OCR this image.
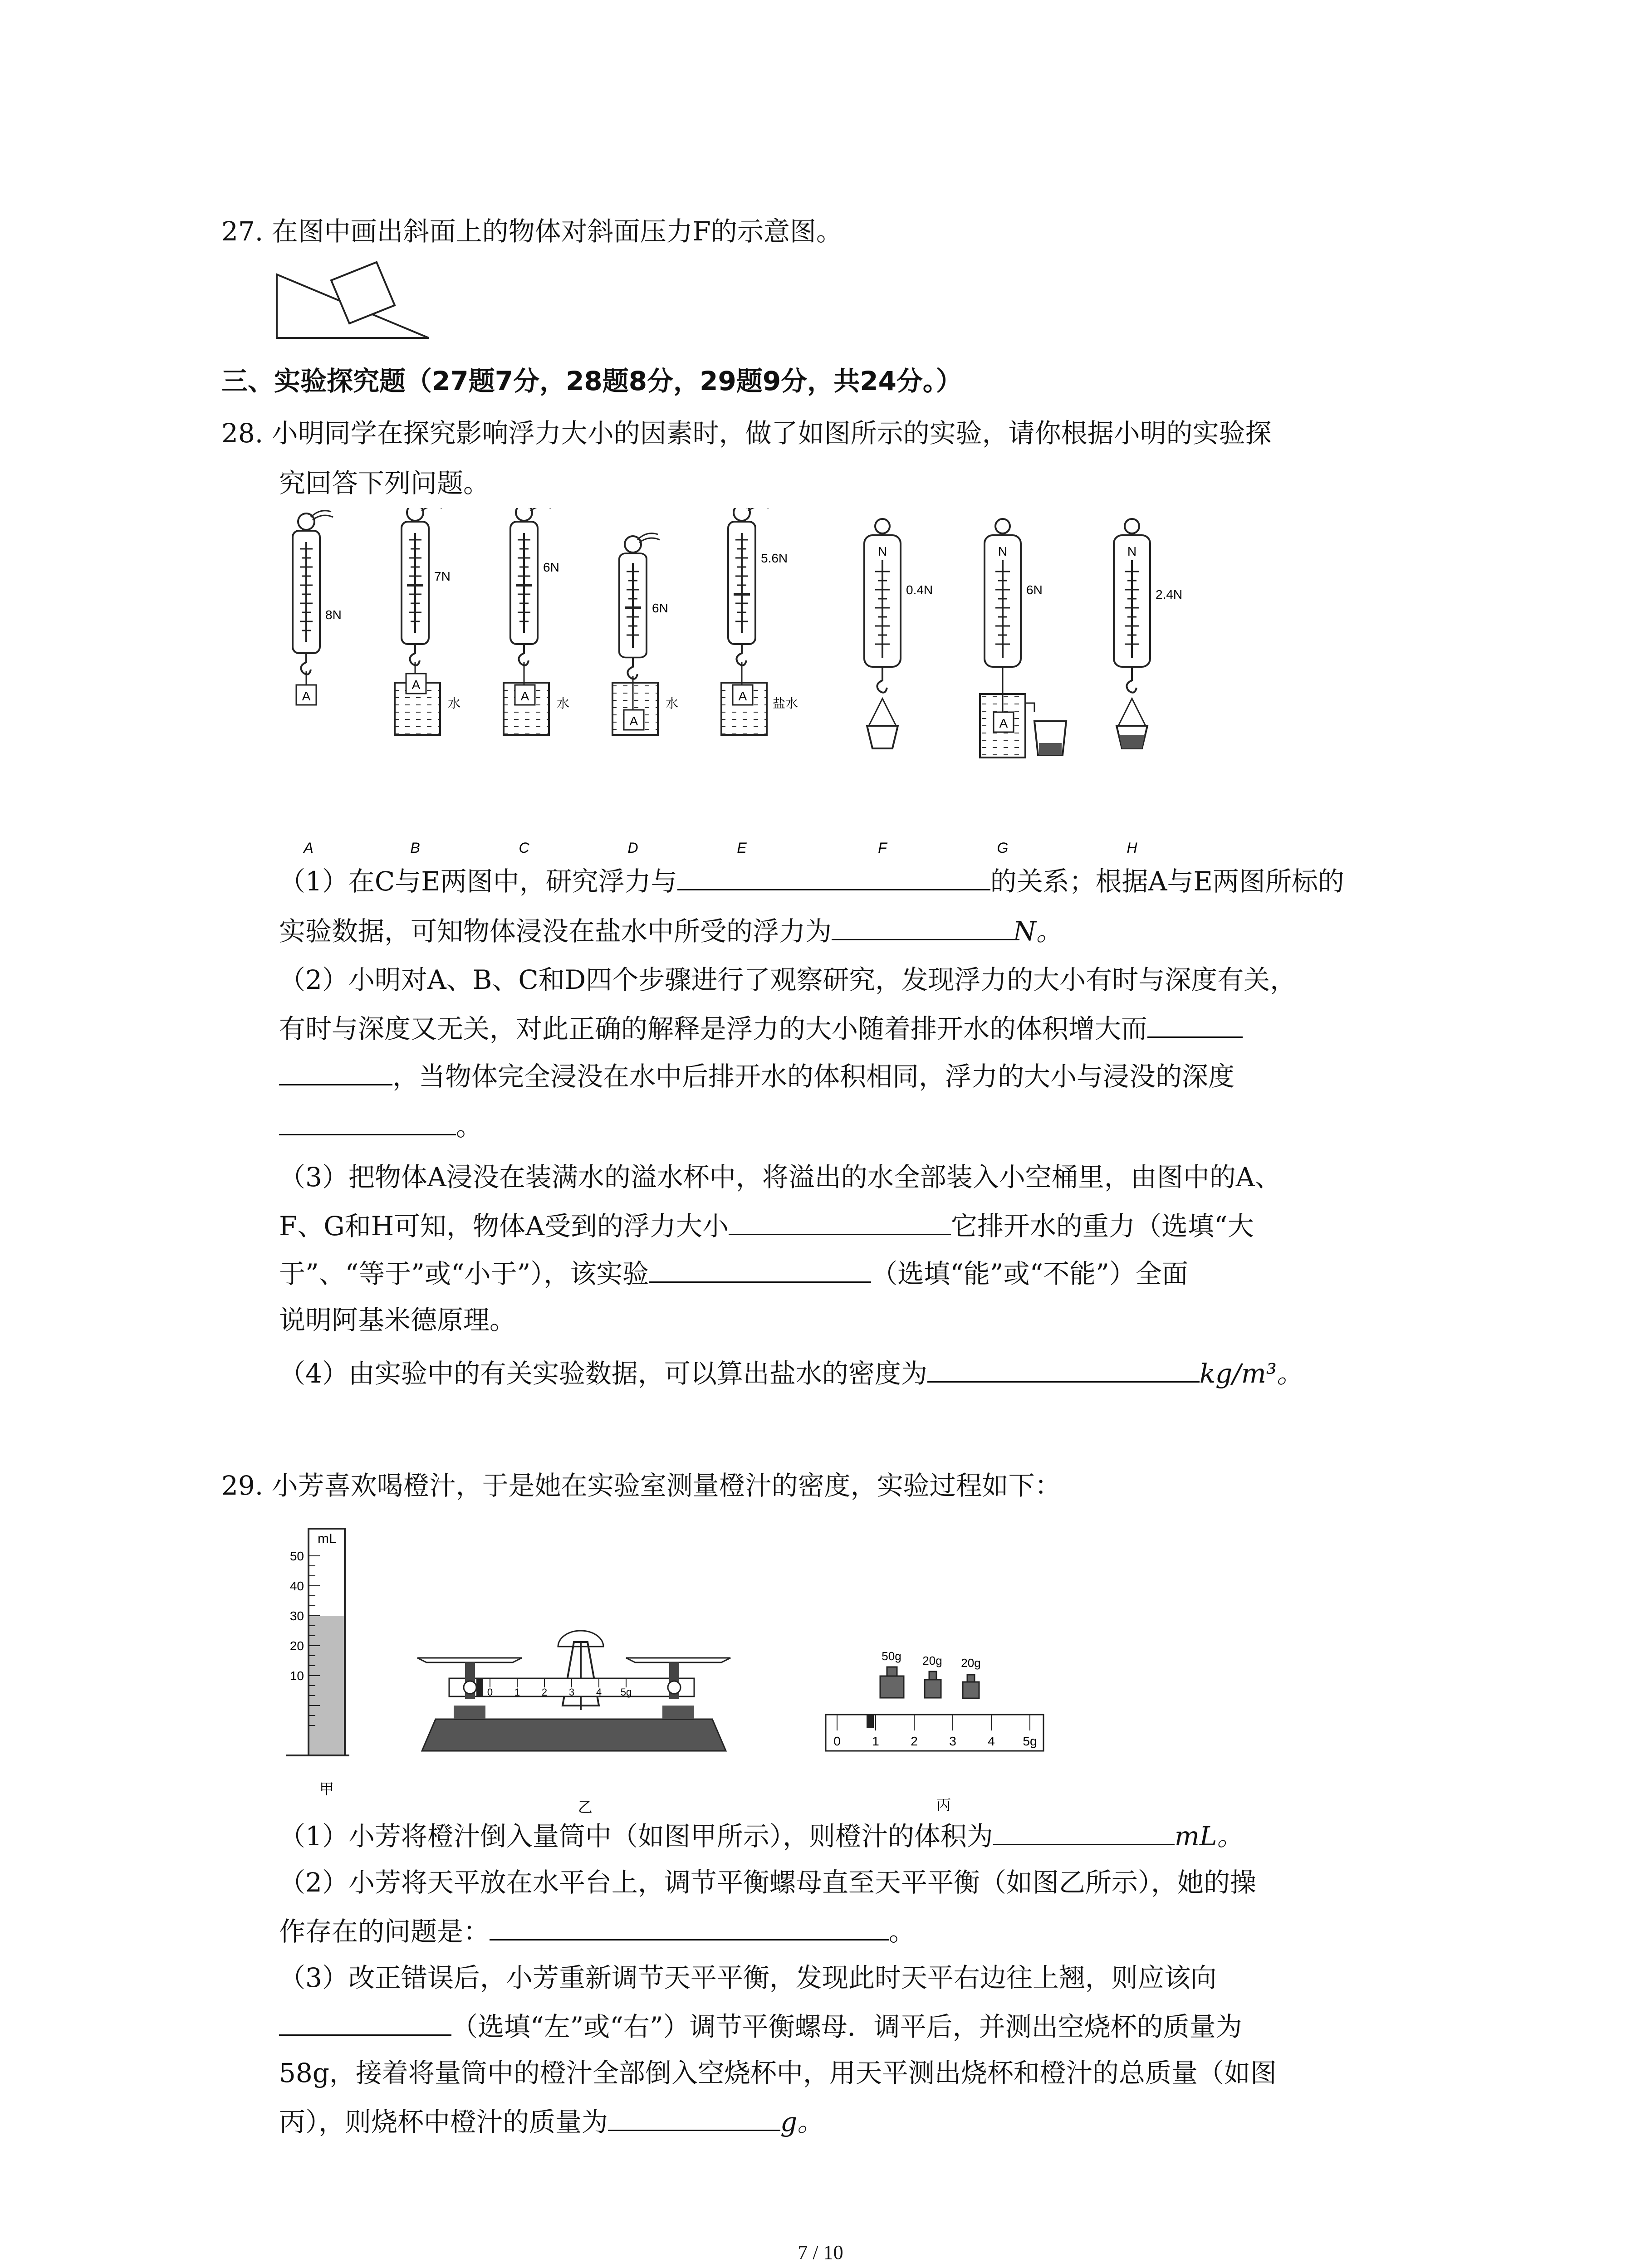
27. 在图中画出斜面上的物体对斜面压力F的示意图。
三、实验探究题（27题7分，28题8分，29题9分，共24分。）
28. 小明同学在探究影响浮力大小的因素时，做了如图所示的实验，请你根据小明的实验探
究回答下列问题。
A
8N
A
7N
水
A
6N
水
A
6N
水
A
5.6N
盐水
N
0.4N
N
A
6N
N
2.4N
A	B	C	D	E	F	G	H
（1）在C与E两图中，研究浮力与	的关系；根据A与E两图所标的
实验数据，可知物体浸没在盐水中所受的浮力为	N。
（2）小明对A、B、C和D四个步骤进行了观察研究，发现浮力的大小有时与深度有关，
有时与深度又无关，对此正确的解释是浮力的大小随着排开水的体积增大而
，当物体完全浸没在水中后排开水的体积相同，浮力的大小与浸没的深度
。
（3）把物体A浸没在装满水的溢水杯中，将溢出的水全部装入小空桶里，由图中的A、
F、G和H可知，物体A受到的浮力大小	它排开水的重力（选填“大
于”、“等于”或“小于”），该实验	（选填“能”或“不能”）全面
说明阿基米德原理。
（4）由实验中的有关实验数据，可以算出盐水的密度为	kg/m³。
29. 小芳喜欢喝橙汁，于是她在实验室测量橙汁的密度，实验过程如下：
mL
50
40
30
20
10
甲
0 1 2 3 4 5g
乙
50g 20g 20g
0 1 2 3 4 5g
丙
（1）小芳将橙汁倒入量筒中（如图甲所示），则橙汁的体积为	mL。
（2）小芳将天平放在水平台上，调节平衡螺母直至天平平衡（如图乙所示），她的操
作存在的问题是：	。
（3）改正错误后，小芳重新调节天平平衡，发现此时天平右边往上翘，则应该向
（选填“左”或“右”）调节平衡螺母．调平后，并测出空烧杯的质量为
58g，接着将量筒中的橙汁全部倒入空烧杯中，用天平测出烧杯和橙汁的总质量（如图
丙），则烧杯中橙汁的质量为	g。
7 / 10
